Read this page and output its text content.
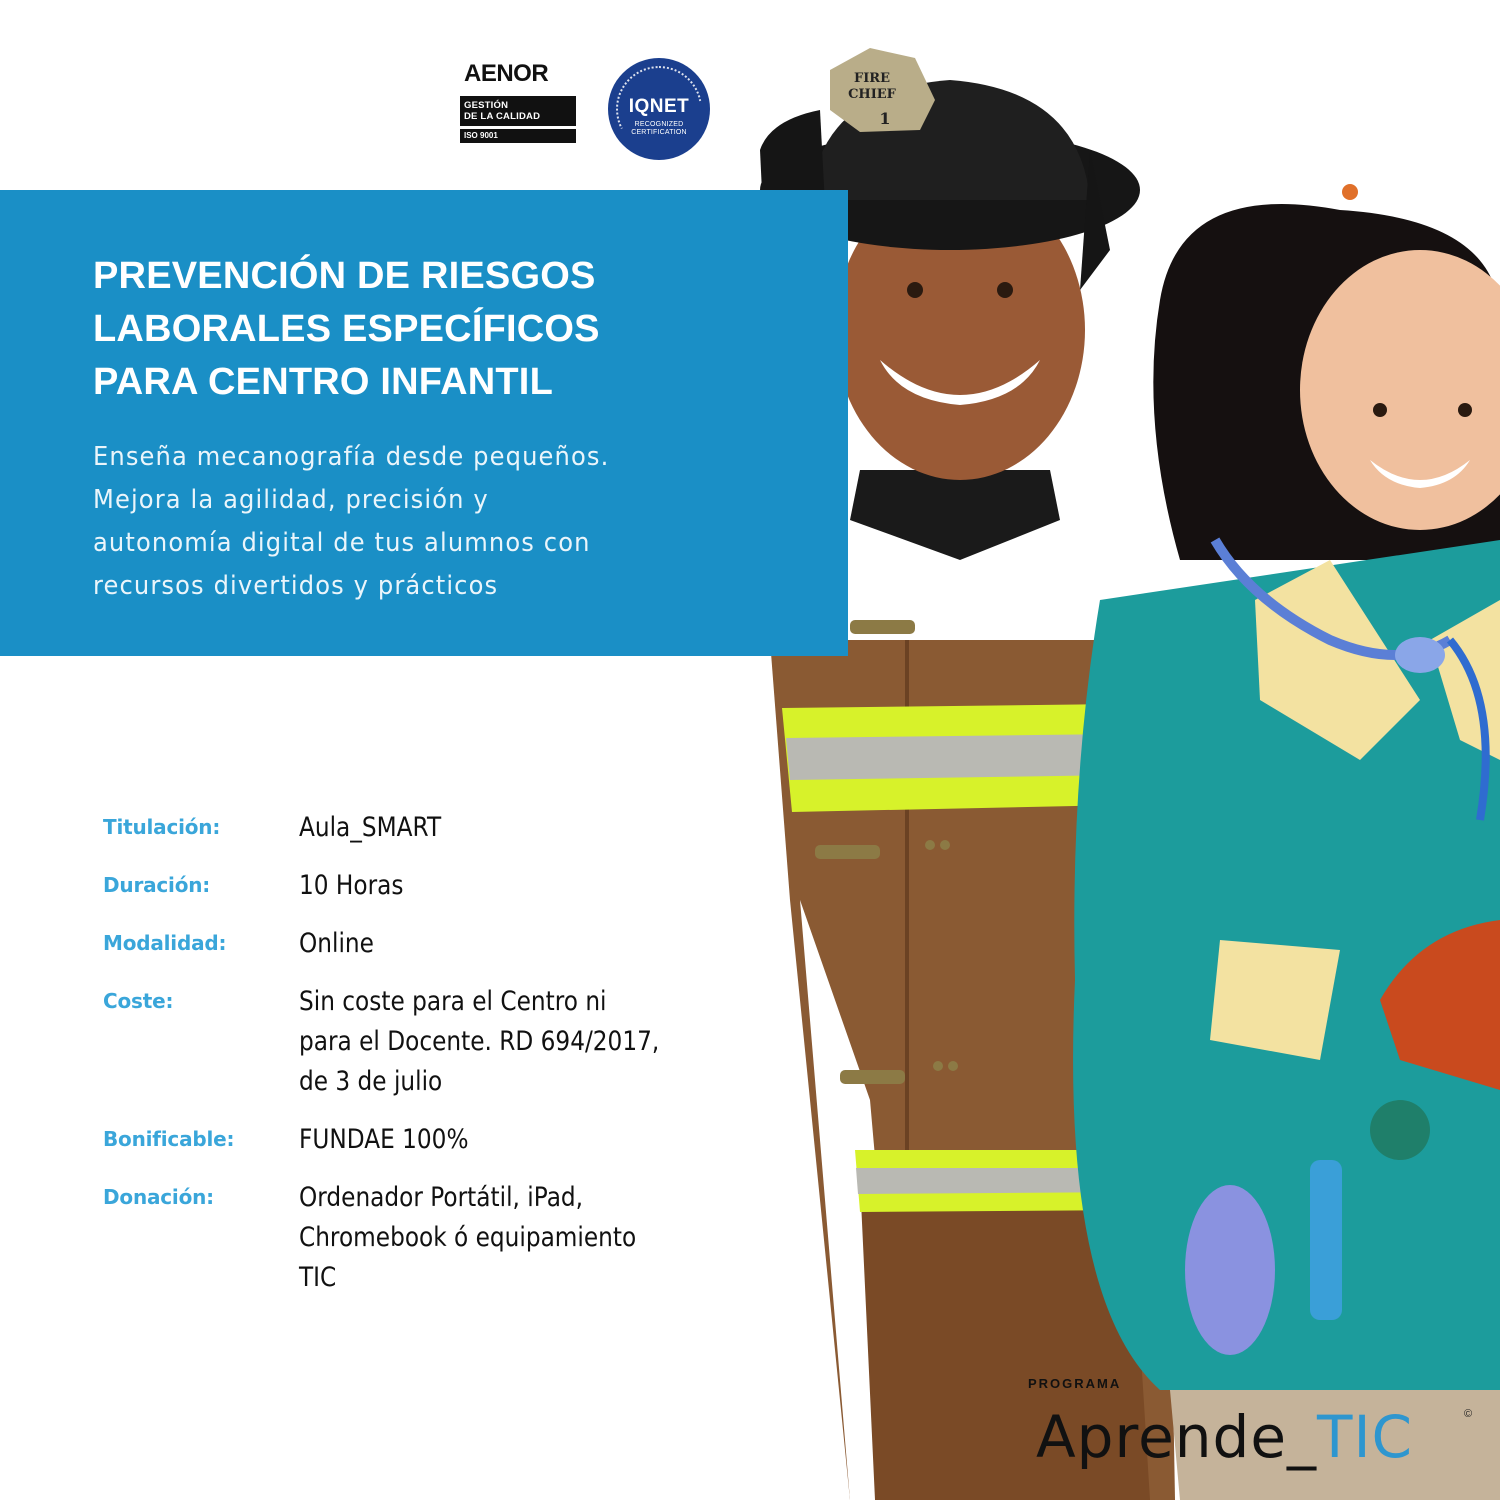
FIRE
CHIEF
1
AENOR
GESTIÓN
DE LA CALIDAD
ISO 9001
IQNET
RECOGNIZED
CERTIFICATION
PREVENCIÓN DE RIESGOS
LABORALES ESPECÍFICOS
PARA CENTRO INFANTIL
Enseña mecanografía desde pequeños.
Mejora la agilidad, precisión y
autonomía digital de tus alumnos con
recursos divertidos y prácticos
Titulación:	Aula_SMART
Duración:	10 Horas
Modalidad:	Online
Coste:	Sin coste para el Centro ni
para el Docente. RD 694/2017,
de 3 de julio
Bonificable:	FUNDAE 100%
Donación:	Ordenador Portátil, iPad,
Chromebook ó equipamiento
TIC
PROGRAMA
Aprende_TIC	©
